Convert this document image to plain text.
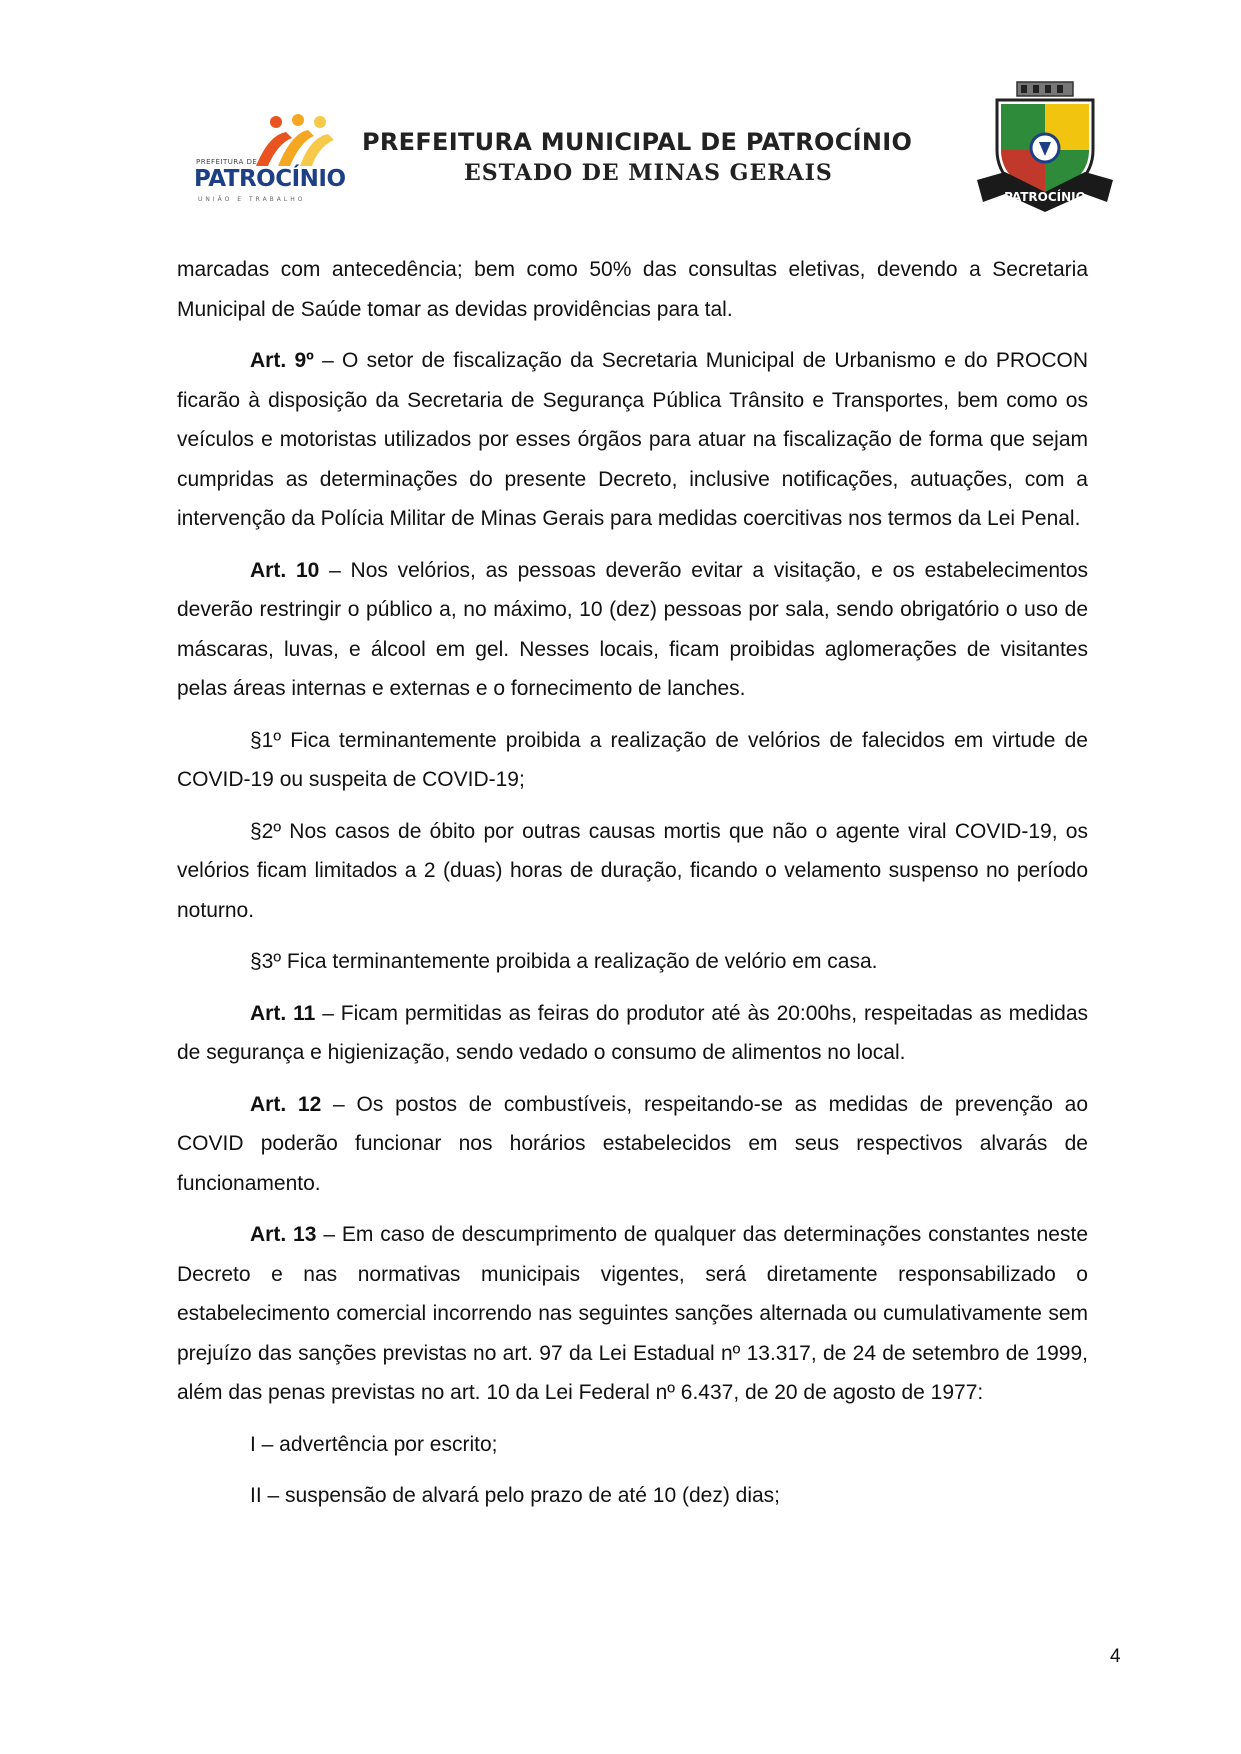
PREFEITURA DE
PATROCÍNIO
UNIÃO E TRABALHO
PREFEITURA MUNICIPAL DE PATROCÍNIO
ESTADO DE MINAS GERAIS
PATROCÍNIO

marcadas com antecedência; bem como 50% das consultas eletivas, devendo a Secretaria Municipal de Saúde tomar as devidas providências para tal.

Art. 9º – O setor de fiscalização da Secretaria Municipal de Urbanismo e do PROCON ficarão à disposição da Secretaria de Segurança Pública Trânsito e Transportes, bem como os veículos e motoristas utilizados por esses órgãos para atuar na fiscalização de forma que sejam cumpridas as determinações do presente Decreto, inclusive notificações, autuações, com a intervenção da Polícia Militar de Minas Gerais para medidas coercitivas nos termos da Lei Penal.

Art. 10 – Nos velórios, as pessoas deverão evitar a visitação, e os estabelecimentos deverão restringir o público a, no máximo, 10 (dez) pessoas por sala, sendo obrigatório o uso de máscaras, luvas, e álcool em gel. Nesses locais, ficam proibidas aglomerações de visitantes pelas áreas internas e externas e o fornecimento de lanches.

§1º Fica terminantemente proibida a realização de velórios de falecidos em virtude de COVID-19 ou suspeita de COVID-19;

§2º Nos casos de óbito por outras causas mortis que não o agente viral COVID-19, os velórios ficam limitados a 2 (duas) horas de duração, ficando o velamento suspenso no período noturno.

§3º Fica terminantemente proibida a realização de velório em casa.

Art. 11 – Ficam permitidas as feiras do produtor até às 20:00hs, respeitadas as medidas de segurança e higienização, sendo vedado o consumo de alimentos no local.

Art. 12 – Os postos de combustíveis, respeitando-se as medidas de prevenção ao COVID poderão funcionar nos horários estabelecidos em seus respectivos alvarás de funcionamento.

Art. 13 – Em caso de descumprimento de qualquer das determinações constantes neste Decreto e nas normativas municipais vigentes, será diretamente responsabilizado o estabelecimento comercial incorrendo nas seguintes sanções alternada ou cumulativamente sem prejuízo das sanções previstas no art. 97 da Lei Estadual nº 13.317, de 24 de setembro de 1999, além das penas previstas no art. 10 da Lei Federal nº 6.437, de 20 de agosto de 1977:

I – advertência por escrito;

II – suspensão de alvará pelo prazo de até 10 (dez) dias;

4
